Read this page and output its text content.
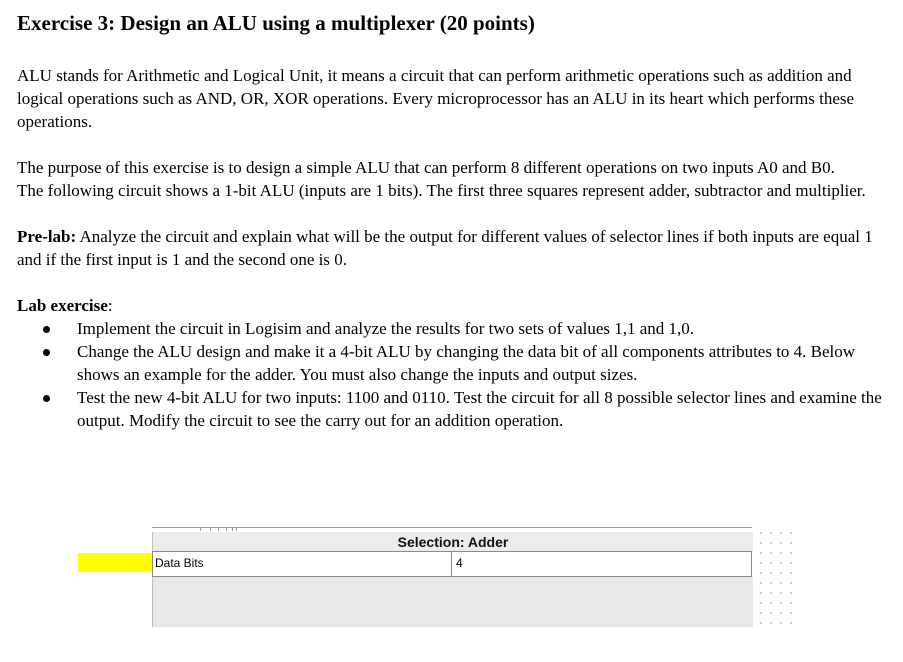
Exercise 3: Design an ALU using a multiplexer (20 points)

ALU stands for Arithmetic and Logical Unit, it means a circuit that can perform arithmetic operations such as addition and logical operations such as AND, OR, XOR operations. Every microprocessor has an ALU in its heart which performs these operations.

The purpose of this exercise is to design a simple ALU that can perform 8 different operations on two inputs A0 and B0.

The following circuit shows a 1-bit ALU (inputs are 1 bits). The first three squares represent adder, subtractor and multiplier.

Pre-lab: Analyze the circuit and explain what will be the output for different values of selector lines if both inputs are equal 1 and if the first input is 1 and the second one is 0.

Lab exercise:

Implement the circuit in Logisim and analyze the results for two sets of values 1,1 and 1,0.
Change the ALU design and make it a 4-bit ALU by changing the data bit of all components attributes to 4. Below shows an example for the adder. You must also change the inputs and output sizes.
Test the new 4-bit ALU for two inputs: 1100 and 0110. Test the circuit for all 8 possible selector lines and examine the output. Modify the circuit to see the carry out for an addition operation.
Selection: Adder
Data Bits	4
